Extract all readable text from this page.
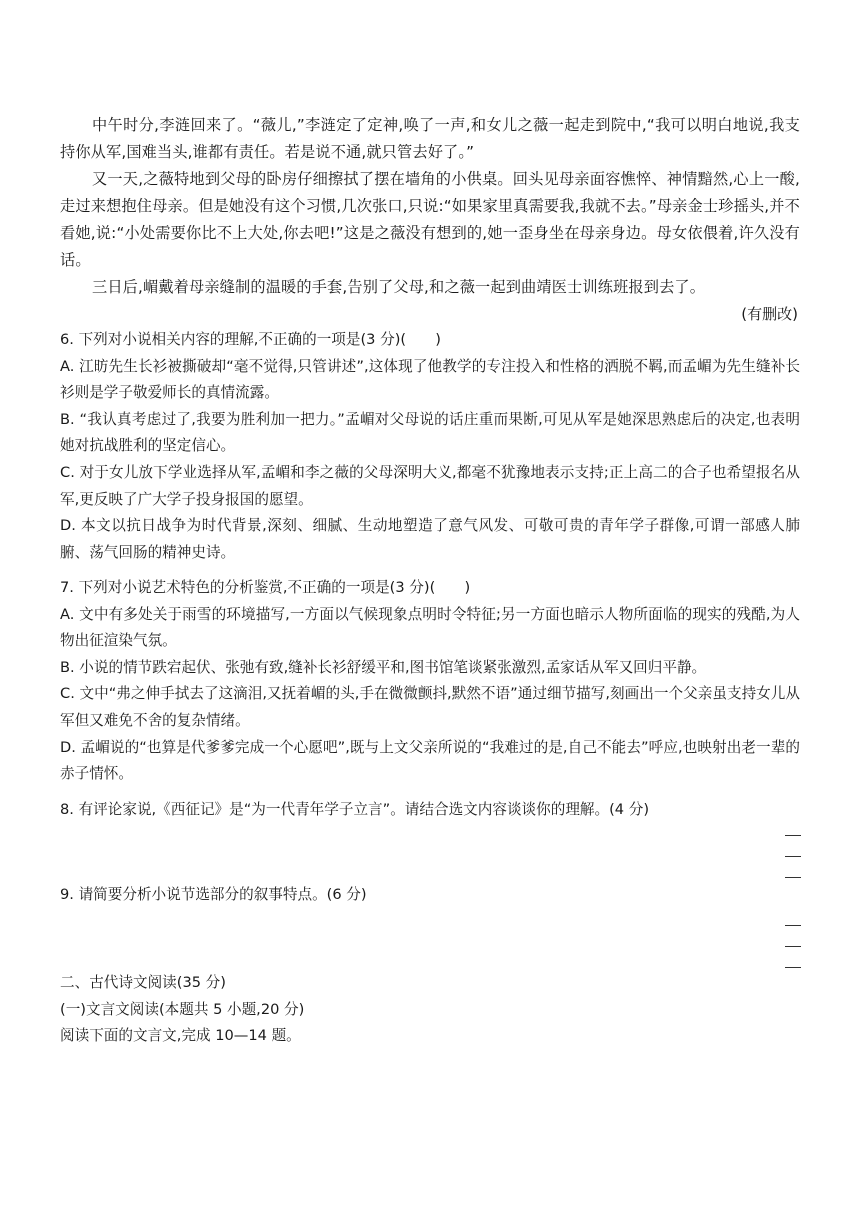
中午时分,李涟回来了。“薇儿,”李涟定了定神,唤了一声,和女儿之薇一起走到院中,“我可以明白地说,我支持你从军,国难当头,谁都有责任。若是说不通,就只管去好了。”

又一天,之薇特地到父母的卧房仔细擦拭了摆在墙角的小供桌。回头见母亲面容憔悴、神情黯然,心上一酸,走过来想抱住母亲。但是她没有这个习惯,几次张口,只说:“如果家里真需要我,我就不去。”母亲金士珍摇头,并不看她,说:“小处需要你比不上大处,你去吧!”这是之薇没有想到的,她一歪身坐在母亲身边。母女依偎着,许久没有话。

三日后,嵋戴着母亲缝制的温暖的手套,告别了父母,和之薇一起到曲靖医士训练班报到去了。

(有删改)

6. 下列对小说相关内容的理解,不正确的一项是(3 分)(　　)

A. 江昉先生长衫被撕破却“毫不觉得,只管讲述”,这体现了他教学的专注投入和性格的洒脱不羁,而孟嵋为先生缝补长衫则是学子敬爱师长的真情流露。

B. “我认真考虑过了,我要为胜利加一把力。”孟嵋对父母说的话庄重而果断,可见从军是她深思熟虑后的决定,也表明她对抗战胜利的坚定信心。

C. 对于女儿放下学业选择从军,孟嵋和李之薇的父母深明大义,都毫不犹豫地表示支持;正上高二的合子也希望报名从军,更反映了广大学子投身报国的愿望。

D. 本文以抗日战争为时代背景,深刻、细腻、生动地塑造了意气风发、可敬可贵的青年学子群像,可谓一部感人肺腑、荡气回肠的精神史诗。

7. 下列对小说艺术特色的分析鉴赏,不正确的一项是(3 分)(　　)

A. 文中有多处关于雨雪的环境描写,一方面以气候现象点明时令特征;另一方面也暗示人物所面临的现实的残酷,为人物出征渲染气氛。

B. 小说的情节跌宕起伏、张弛有致,缝补长衫舒缓平和,图书馆笔谈紧张激烈,孟家话从军又回归平静。

C. 文中“弗之伸手拭去了这滴泪,又抚着嵋的头,手在微微颤抖,默然不语”通过细节描写,刻画出一个父亲虽支持女儿从军但又难免不舍的复杂情绪。

D. 孟嵋说的“也算是代爹爹完成一个心愿吧”,既与上文父亲所说的“我难过的是,自己不能去”呼应,也映射出老一辈的赤子情怀。

8. 有评论家说,《西征记》是“为一代青年学子立言”。请结合选文内容谈谈你的理解。(4 分)

9. 请简要分析小说节选部分的叙事特点。(6 分)

二、古代诗文阅读(35 分)

(一)文言文阅读(本题共 5 小题,20 分)

阅读下面的文言文,完成 10—14 题。
